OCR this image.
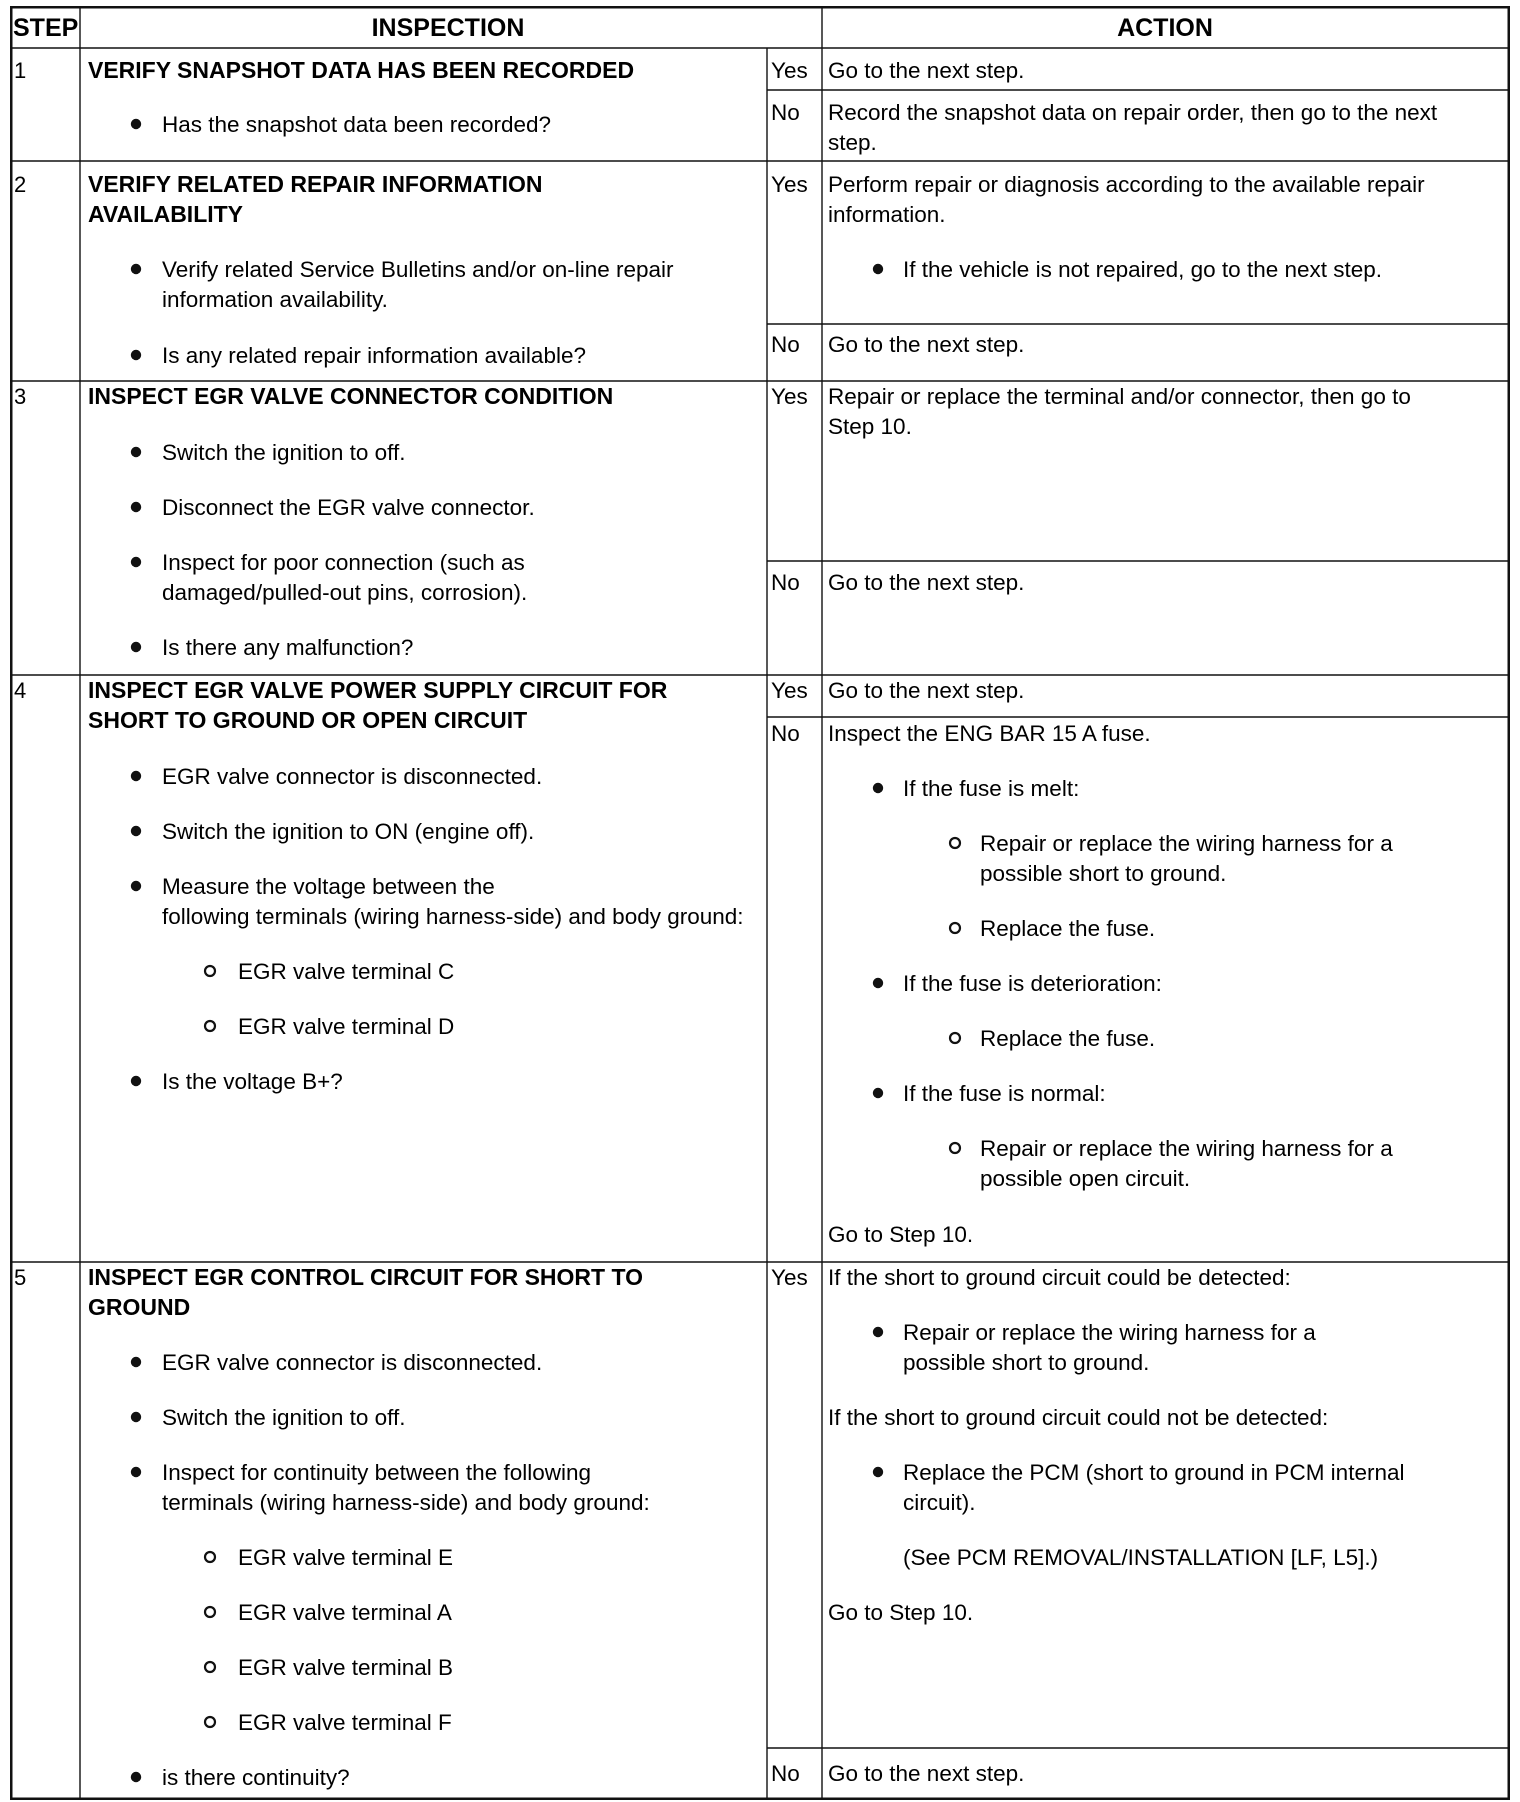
STEP	INSPECTION	ACTION
1	VERIFY SNAPSHOT DATA HAS BEEN RECORDED
Has the snapshot data been recorded?
Yes Go to the next step.
No Record the snapshot data on repair order, then go to the next
step.
2	VERIFY RELATED REPAIR INFORMATION
AVAILABILITY
Verify related Service Bulletins and/or on-line repair
information availability.
Is any related repair information available?
Yes Perform repair or diagnosis according to the available repair
information.
If the vehicle is not repaired, go to the next step.
No Go to the next step.
3	INSPECT EGR VALVE CONNECTOR CONDITION
Switch the ignition to off.
Disconnect the EGR valve connector.
Inspect for poor connection (such as
damaged/pulled-out pins, corrosion).
Is there any malfunction?
Yes Repair or replace the terminal and/or connector, then go to
Step 10.
No Go to the next step.
4	INSPECT EGR VALVE POWER SUPPLY CIRCUIT FOR
SHORT TO GROUND OR OPEN CIRCUIT
EGR valve connector is disconnected.
Switch the ignition to ON (engine off).
Measure the voltage between the
following terminals (wiring harness-side) and body ground:
EGR valve terminal C
EGR valve terminal D
Is the voltage B+?
Yes Go to the next step.
No Inspect the ENG BAR 15 A fuse.
If the fuse is melt:
Repair or replace the wiring harness for a
possible short to ground.
Replace the fuse.
If the fuse is deterioration:
Replace the fuse.
If the fuse is normal:
Repair or replace the wiring harness for a
possible open circuit.
Go to Step 10.
5	INSPECT EGR CONTROL CIRCUIT FOR SHORT TO
GROUND
EGR valve connector is disconnected.
Switch the ignition to off.
Inspect for continuity between the following
terminals (wiring harness-side) and body ground:
EGR valve terminal E
EGR valve terminal A
EGR valve terminal B
EGR valve terminal F
is there continuity?
Yes If the short to ground circuit could be detected:
Repair or replace the wiring harness for a
possible short to ground.
If the short to ground circuit could not be detected:
Replace the PCM (short to ground in PCM internal
circuit).
(See PCM REMOVAL/INSTALLATION [LF, L5].)
Go to Step 10.
No Go to the next step.
